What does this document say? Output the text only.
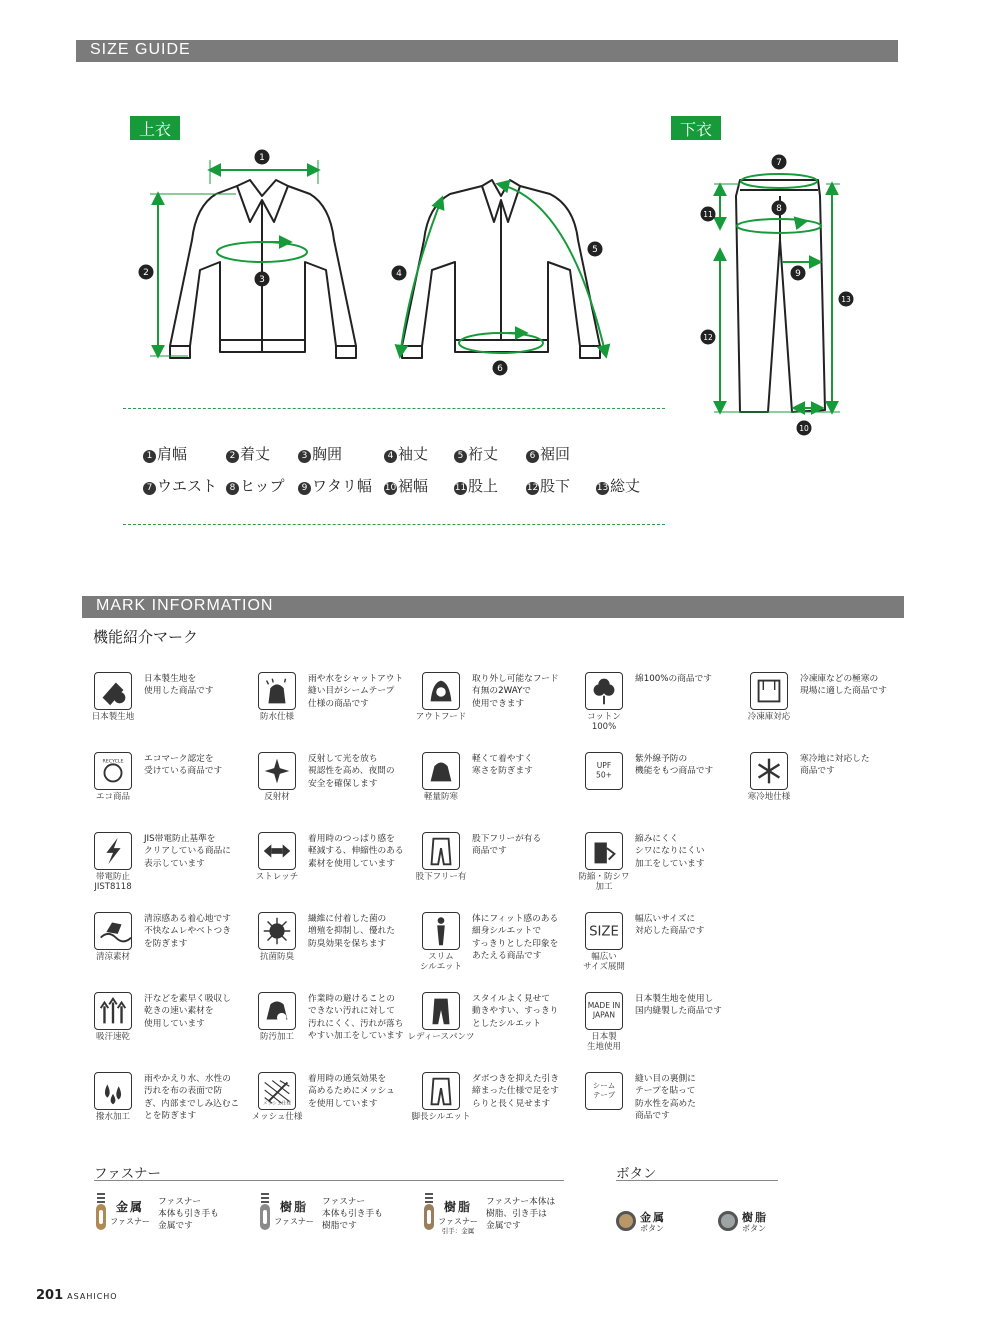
SIZE GUIDE
上衣	下衣
1
2
3
4
5
6
7
8
9
10
11
12
13
1 肩幅	2 着丈	3 胸囲	4 袖丈	5 裄丈	6 裾回
7 ウエスト	8 ヒップ	9 ワタリ幅 10 裾幅	11 股上	12 股下	13 総丈
MARK INFORMATION
機能紹介マーク
日本製生地
日本製生地を
使用した商品です
防水仕様
雨や水をシャットアウト
縫い目がシームテープ
仕様の商品です
アウトフード
取り外し可能なフード
有無の2WAYで
使用できます
コットン
100%
綿100%の商品です
冷凍庫対応
冷凍庫などの極寒の
現場に適した商品です
RECYCLE
エコ商品
エコマーク認定を
受けている商品です
反射材
反射して光を放ち
視認性を高め、夜間の
安全を確保します
軽量防寒
軽くて着やすく
寒さを防ぎます
UPF
50+
紫外線予防の
機能をもつ商品です
寒冷地仕様
寒冷地に対応した
商品です
帯電防止
JIST8118
JIS帯電防止基準を
クリアしている商品に
表示しています
ストレッチ
着用時のつっぱり感を
軽減する、伸縮性のある
素材を使用しています
股下フリー有
股下フリーが有る
商品です
防縮・防シワ
加工
縮みにくく
シワになりにくい
加工をしています
清涼素材
清涼感ある着心地です
不快なムレやベトつき
を防ぎます
抗菌防臭
繊維に付着した菌の
増殖を抑制し、優れた
防臭効果を保ちます
スリム
シルエット
体にフィット感のある
細身シルエットで
すっきりとした印象を
あたえる商品です
SIZE
幅広い
サイズ展開
幅広いサイズに
対応した商品です
吸汗速乾
汗などを素早く吸収し
乾きの速い素材を
使用しています
防汚加工
作業時の避けることの
できない汚れに対して
汚れにくく、汚れが落ち
やすい加工をしています レディースパンツ
スタイルよく見せて
動きやすい、すっきり
としたシルエット
MADE IN
JAPAN
日本製
生地使用
日本製生地を使用し
国内縫製した商品です
撥水加工
雨やかえり水、水性の
汚れを布の表面で防
ぎ、内部までしみ込むこ
とを防ぎます
メッシュ仕様
メッシュ仕様
着用時の通気効果を
高めるためにメッシュ
を使用しています
脚長シルエット
ダボつきを抑えた引き
締まった仕様で足をす
らりと長く見せます
シーム
テープ
縫い目の裏側に
テープを貼って
防水性を高めた
商品です
ファスナー	ボタン
金属
ファスナー
ファスナー
本体も引き手も
金属です
樹脂
ファスナー
ファスナー
本体も引き手も
樹脂です
樹脂
ファスナー
引手：金属
ファスナー本体は
樹脂、引き手は
金属です
金属
ボタン
樹脂
ボタン
201 ASAHICHO
